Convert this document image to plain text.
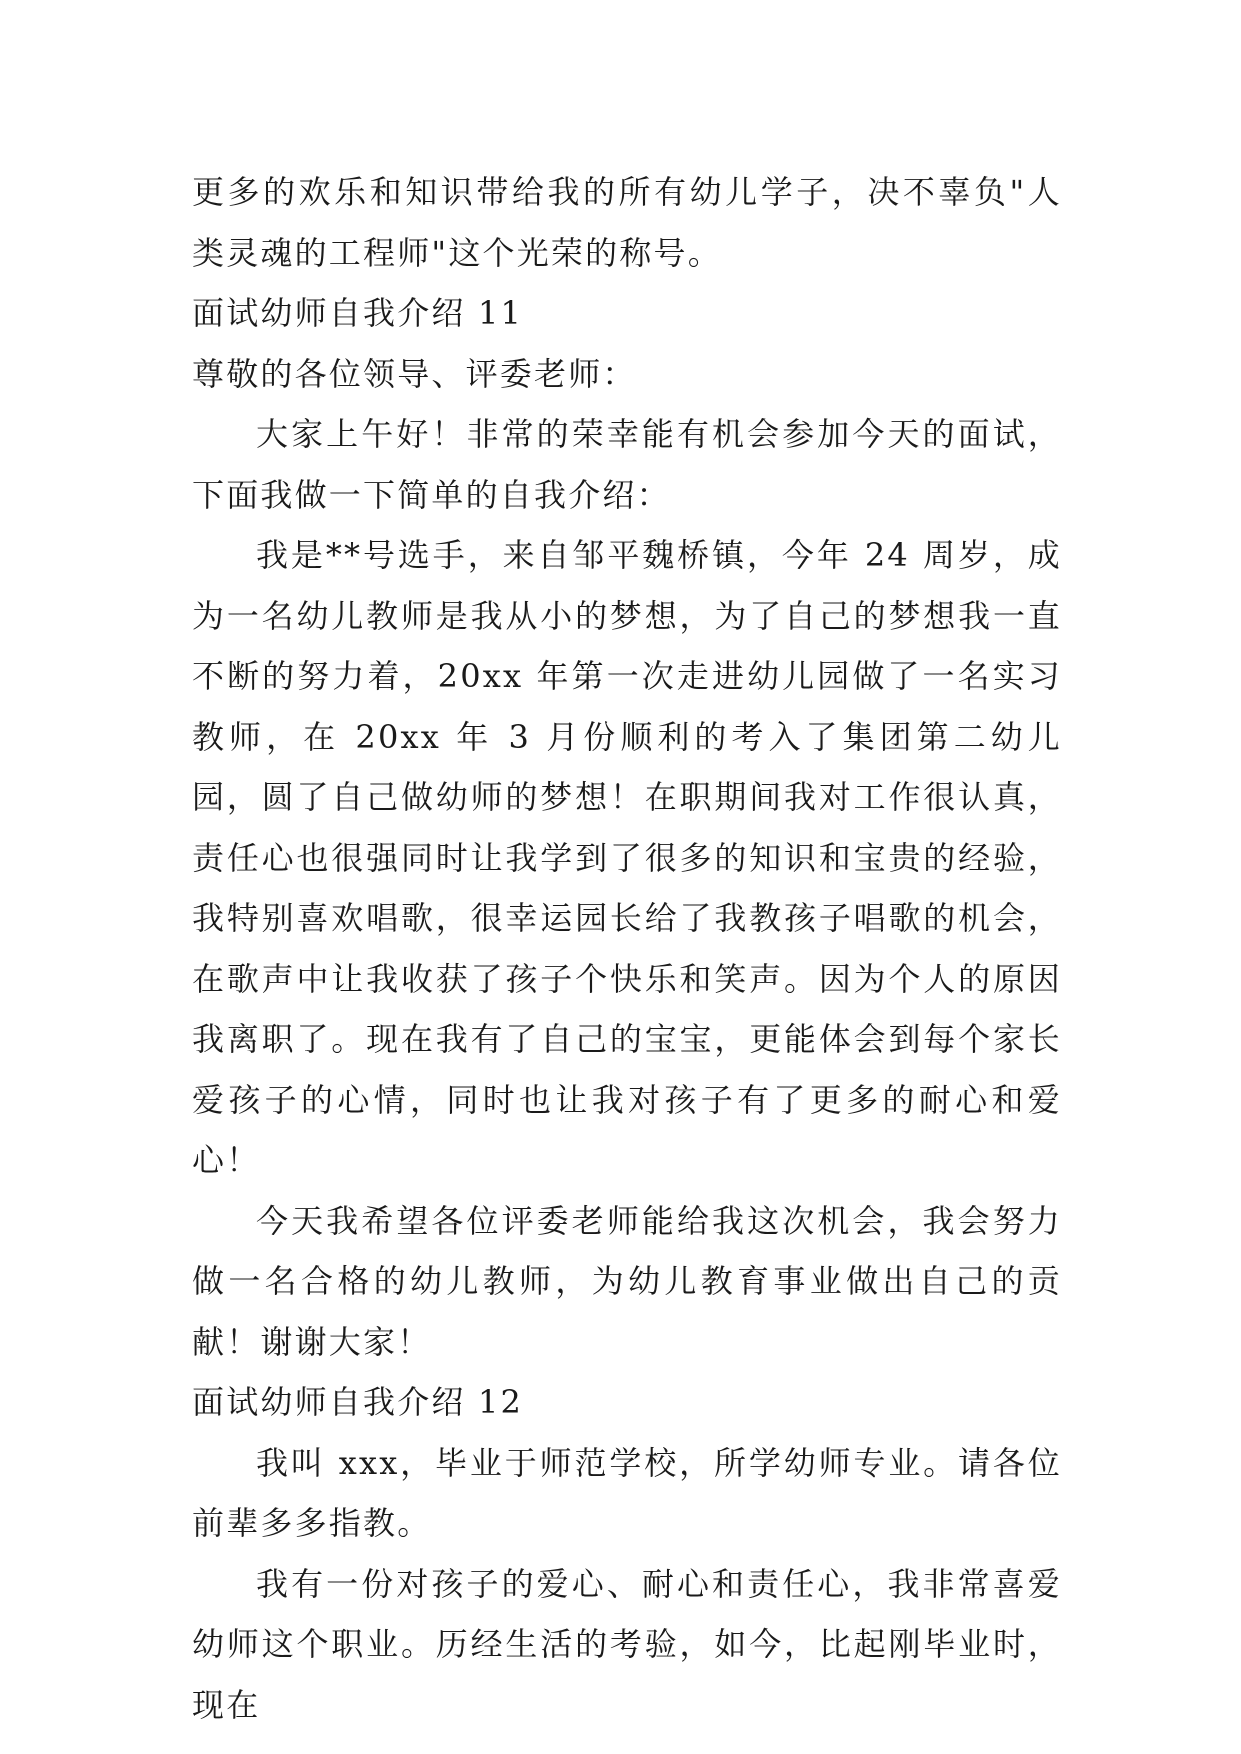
更多的欢乐和知识带给我的所有幼儿学子，决不辜负"人类灵魂的工程师"这个光荣的称号。

面试幼师自我介绍 11

尊敬的各位领导、评委老师：

大家上午好！非常的荣幸能有机会参加今天的面试，下面我做一下简单的自我介绍：

我是**号选手，来自邹平魏桥镇，今年 24 周岁，成为一名幼儿教师是我从小的梦想，为了自己的梦想我一直不断的努力着，20xx 年第一次走进幼儿园做了一名实习教师，在 20xx 年 3 月份顺利的考入了集团第二幼儿园，圆了自己做幼师的梦想！在职期间我对工作很认真，责任心也很强同时让我学到了很多的知识和宝贵的经验，我特别喜欢唱歌，很幸运园长给了我教孩子唱歌的机会，在歌声中让我收获了孩子个快乐和笑声。因为个人的原因我离职了。现在我有了自己的宝宝，更能体会到每个家长爱孩子的心情，同时也让我对孩子有了更多的耐心和爱心！

今天我希望各位评委老师能给我这次机会，我会努力做一名合格的幼儿教师，为幼儿教育事业做出自己的贡献！谢谢大家！

面试幼师自我介绍 12

我叫 xxx，毕业于师范学校，所学幼师专业。请各位前辈多多指教。

我有一份对孩子的爱心、耐心和责任心，我非常喜爱幼师这个职业。历经生活的考验，如今，比起刚毕业时，现在
